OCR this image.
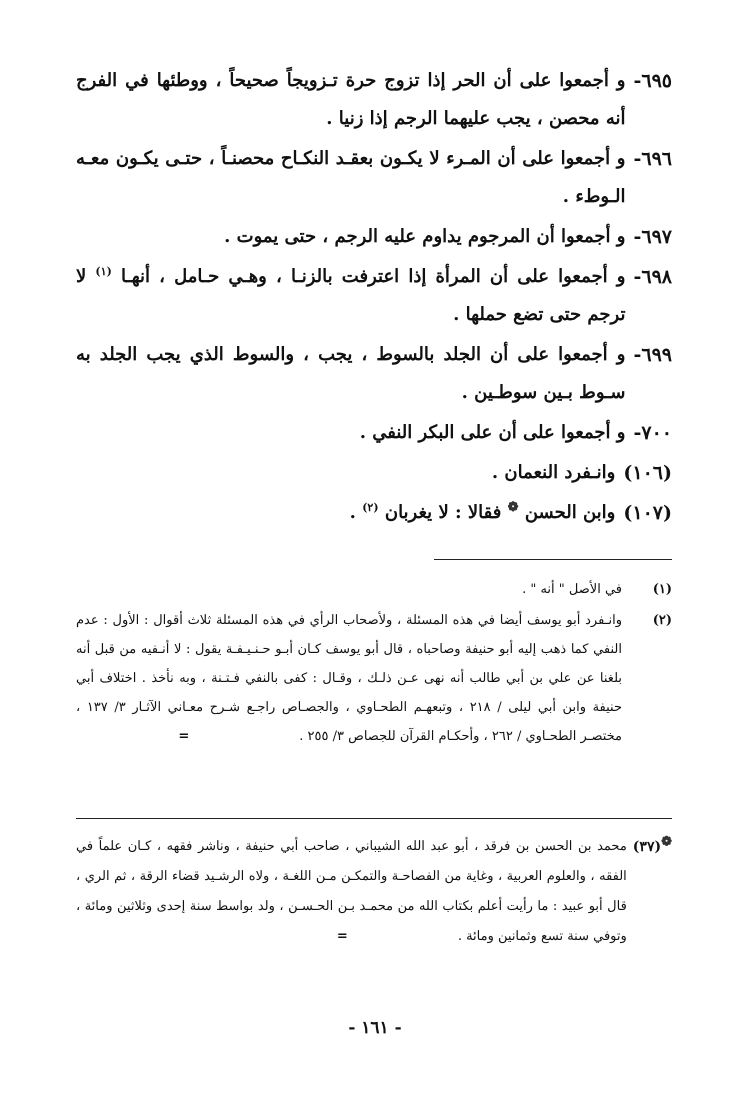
٦٩٥-
و أجمعوا على أن الحر إذا تزوج حرة تـزويجاً صحيحاً ، ووطئها في الفرج أنه محصن ، يجب عليهما الرجم إذا زنيا .
٦٩٦-
و أجمعوا على أن المـرء لا يكـون بعقـد النكـاح محصنـاً ، حتـى يكـون معـه الـوطء .
٦٩٧-
و أجمعوا أن المرجوم يداوم عليه الرجم ، حتى يموت .
٦٩٨-
و أجمعوا على أن المرأة إذا اعترفت بالزنـا ، وهـي حـامل ، أنهـا $^{(١)}$ لا ترجم حتى تضع حملها .
٦٩٩-
و أجمعوا على أن الجلد بالسوط ، يجب ، والسوط الذي يجب الجلد به سـوط بـين سوطـين .
٧٠٠-
و أجمعوا على أن على البكر النفي .
(١٠٦)
وانـفرد النعمان .
(١٠٧)
وابن الحسن ❁ فقالا : لا يغربان $^{(٢)}$ .
(١)
في الأصل " أنه " .
(٢)
وانـفرد أبو يوسف أيضا في هذه المسئلة ، ولأصحاب الرأي في هذه المسئلة ثلاث أقوال : الأول : عدم النفي كما ذهب إليه أبو حنيفة وصاحباه ، قال أبو يوسف كـان أبـو حـنـيـفـة يقول : لا أنـفيه من قبل أنه بلغنا عن علي بن أبي طالب أنه نهى عـن ذلـك ، وقـال : كفى بالنفي فـتـنة ، وبه نأخذ . اختلاف أبي حنيفة وابن أبي ليلى / ٢١٨ ، وتبعهـم الطحـاوي ، والجصـاص راجـع شـرح معـاني الآثـار ٣/ ١٣٧ ، مختصـر الطحـاوي / ٢٦٢ ، وأحكـام القرآن للجصاص ٣/ ٢٥٥ .=
❁(٣٧)
محمد بن الحسن بن فرقد ، أبو عبد الله الشيباني ، صاحب أبي حنيفة ، وناشر فقهه ، كـان علماً في الفقه ، والعلوم العربية ، وغاية من الفصاحـة والتمكـن مـن اللغـة ، ولاه الرشـيد قضاء الرقة ، ثم الري ، قال أبو عبيد : ما رأيت أعلم بكتاب الله من محمـد بـن الحـسـن ، ولد بواسط سنة إحدى وثلاثين ومائة ، وتوفي سنة تسع وثمانين ومائة .=
- ١٦١ -
